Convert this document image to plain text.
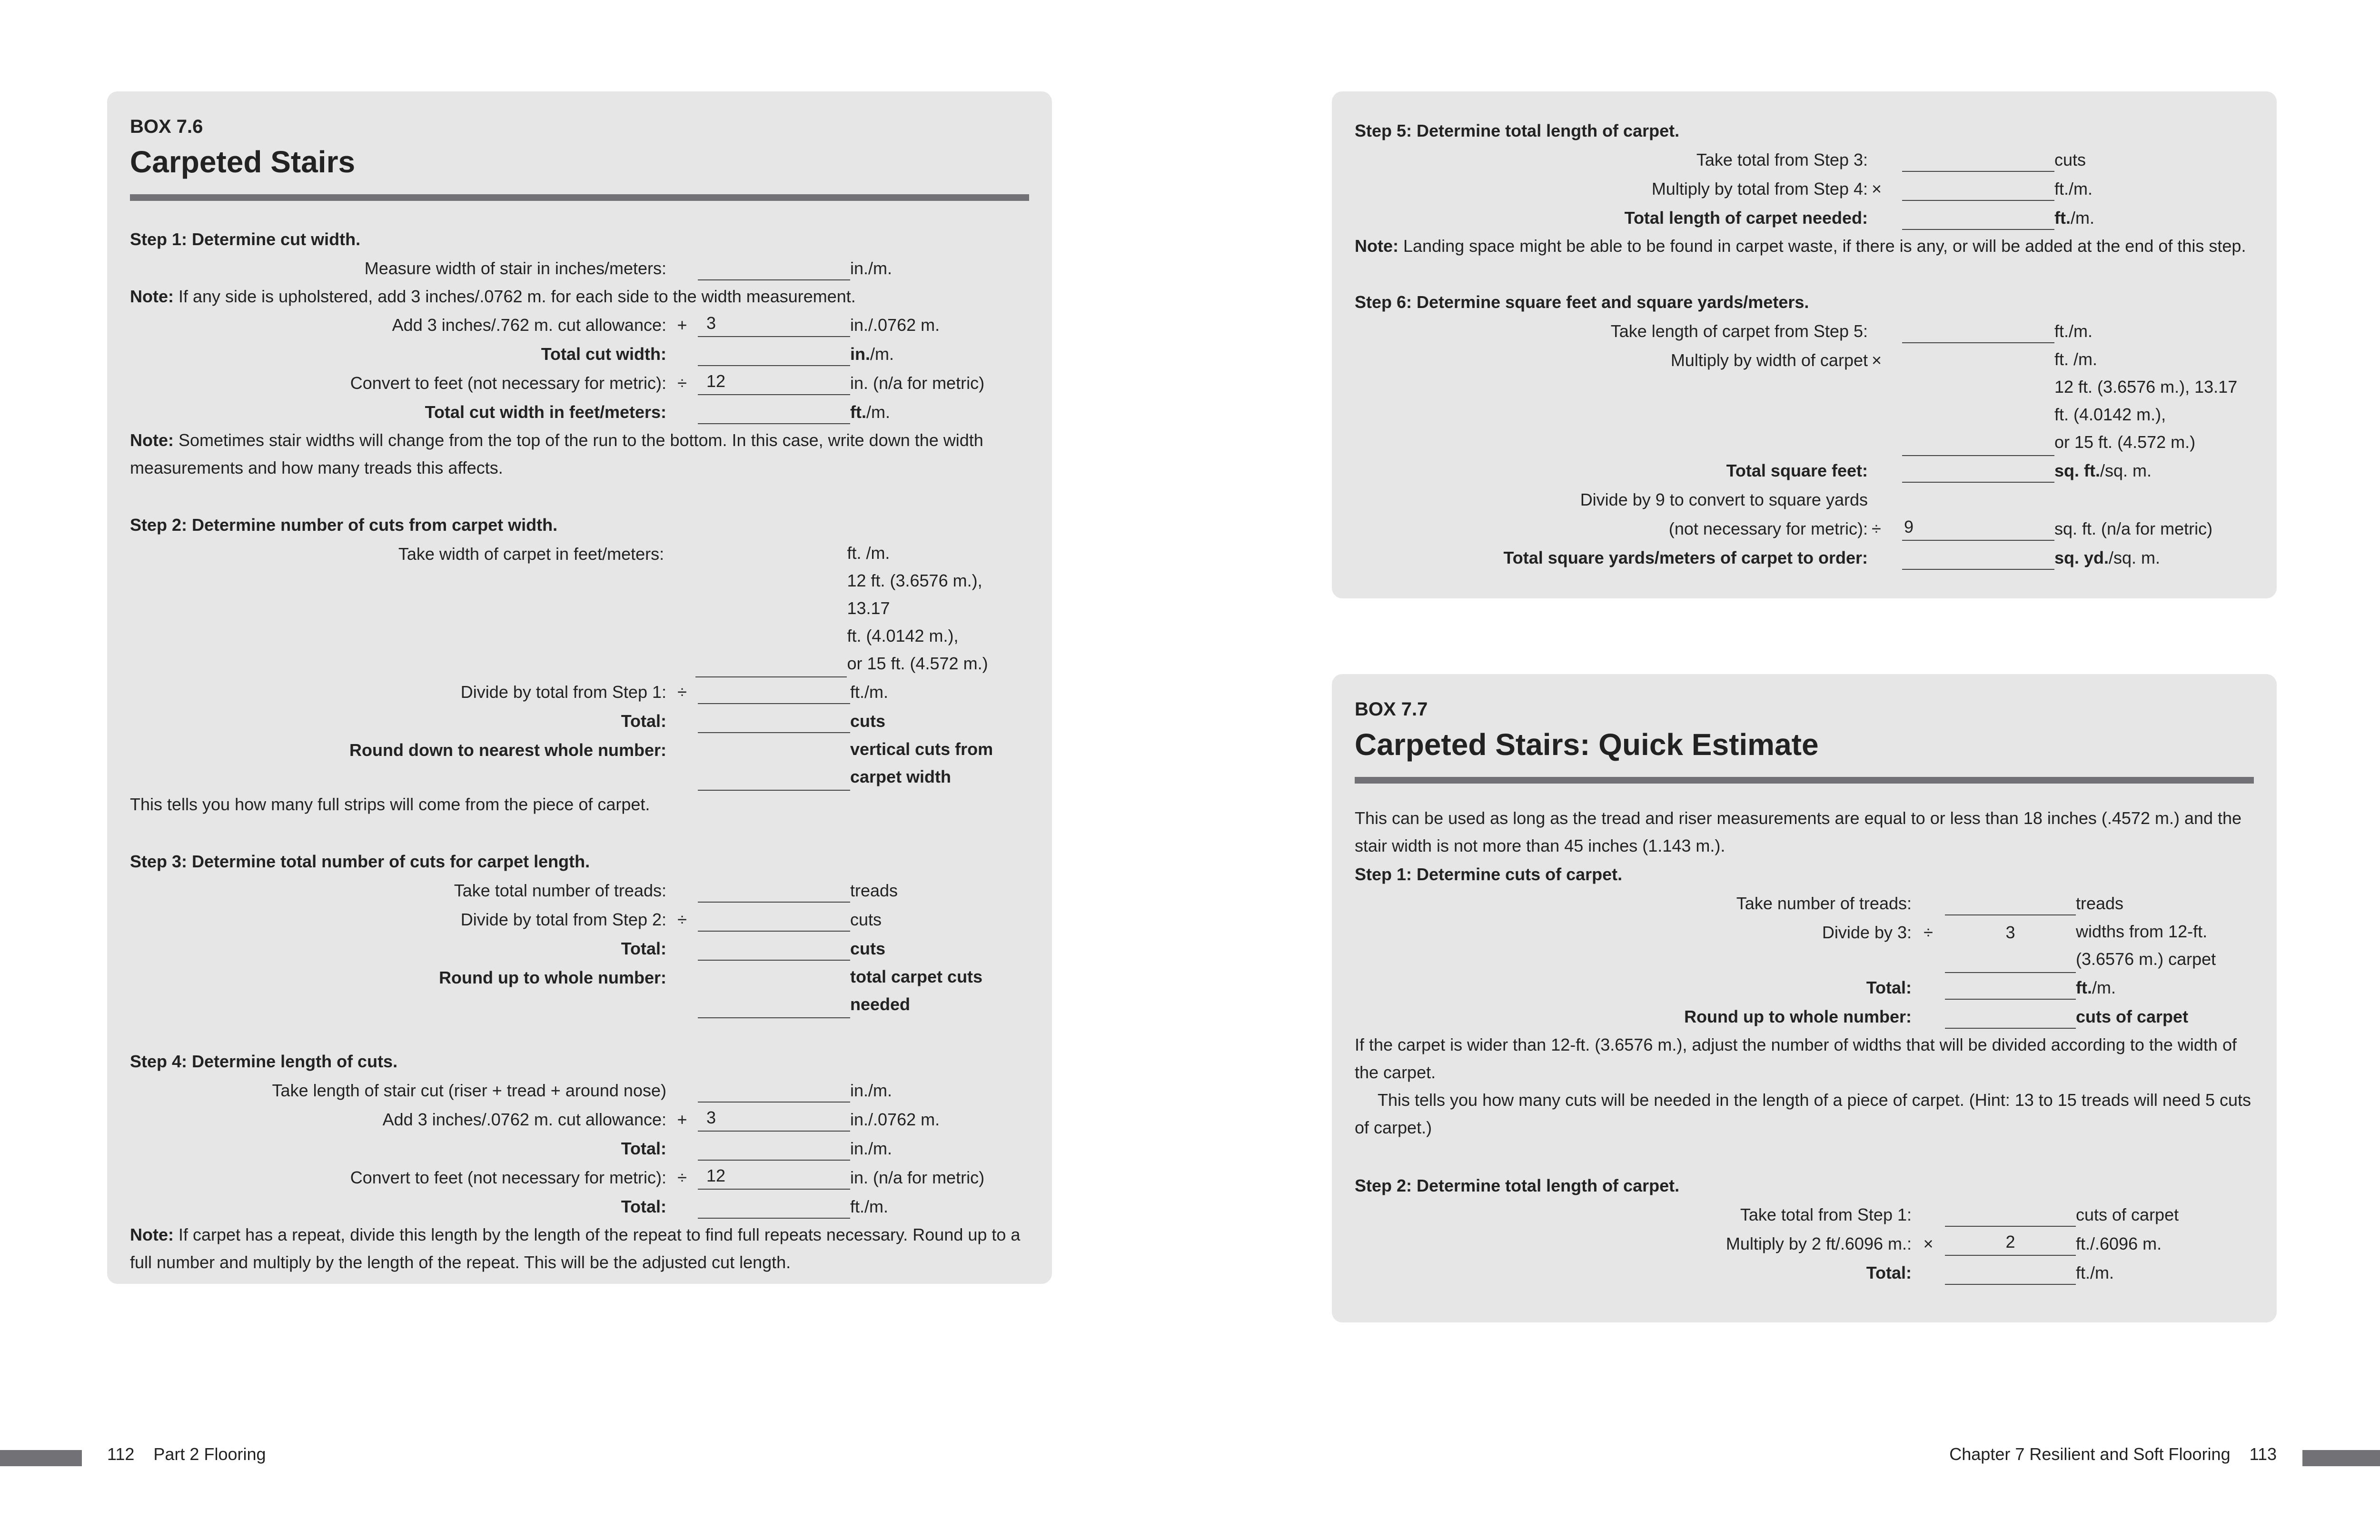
BOX 7.6
Carpeted Stairs
Step 1: Determine cut width.
Measure width of stair in inches/meters:	in./m.
Note: If any side is upholstered, add 3 inches/.0762 m. for each side to the width measurement.
Add 3 inches/.762 m. cut allowance: +	3	in./.0762 m.
Total cut width:	in./m.
Convert to feet (not necessary for metric): ÷	12	in. (n/a for metric)
Total cut width in feet/meters:	ft./m.
Note: Sometimes stair widths will change from the top of the run to the bottom. In this case, write down the width measurements and how many treads this affects.
Step 2: Determine number of cuts from carpet width.
Take width of carpet in feet/meters:	ft. /m.
12 ft. (3.6576 m.), 13.17
ft. (4.0142 m.),
or 15 ft. (4.572 m.)
Divide by total from Step 1: ÷	ft./m.
Total:	cuts
Round down to nearest whole number:	vertical cuts from
carpet width
This tells you how many full strips will come from the piece of carpet.
Step 3: Determine total number of cuts for carpet length.
Take total number of treads:	treads
Divide by total from Step 2: ÷	cuts
Total:	cuts
Round up to whole number:	total carpet cuts
needed
Step 4: Determine length of cuts.
Take length of stair cut (riser + tread + around nose)	in./m.
Add 3 inches/.0762 m. cut allowance: +	3	in./.0762 m.
Total:	in./m.
Convert to feet (not necessary for metric): ÷	12	in. (n/a for metric)
Total:	ft./m.
Note: If carpet has a repeat, divide this length by the length of the repeat to find full repeats necessary. Round up to a full number and multiply by the length of the repeat. This will be the adjusted cut length.
Step 5: Determine total length of carpet.
Take total from Step 3:	cuts
Multiply by total from Step 4: ×	ft./m.
Total length of carpet needed:	ft./m.
Note: Landing space might be able to be found in carpet waste, if there is any, or will be added at the end of this step.
Step 6: Determine square feet and square yards/meters.
Take length of carpet from Step 5:	ft./m.
Multiply by width of carpet ×	ft. /m.
12 ft. (3.6576 m.), 13.17
ft. (4.0142 m.),
or 15 ft. (4.572 m.)
Total square feet:	sq. ft./sq. m.
Divide by 9 to convert to square yards
(not necessary for metric): ÷	9	sq. ft. (n/a for metric)
Total square yards/meters of carpet to order:	sq. yd./sq. m.
BOX 7.7
Carpeted Stairs: Quick Estimate
This can be used as long as the tread and riser measurements are equal to or less than 18 inches (.4572 m.) and the stair width is not more than 45 inches (1.143 m.).
Step 1: Determine cuts of carpet.
Take number of treads:	treads
Divide by 3: ÷	3	widths from 12-ft.
(3.6576 m.) carpet
Total:	ft./m.
Round up to whole number:	cuts of carpet
If the carpet is wider than 12-ft. (3.6576 m.), adjust the number of widths that will be divided according to the width of the carpet.
This tells you how many cuts will be needed in the length of a piece of carpet. (Hint: 13 to 15 treads will need 5 cuts of carpet.)
Step 2: Determine total length of carpet.
Take total from Step 1:	cuts of carpet
Multiply by 2 ft/.6096 m.: ×	2	ft./.6096 m.
Total:	ft./m.
112 Part 2 Flooring	Chapter 7 Resilient and Soft Flooring 113
